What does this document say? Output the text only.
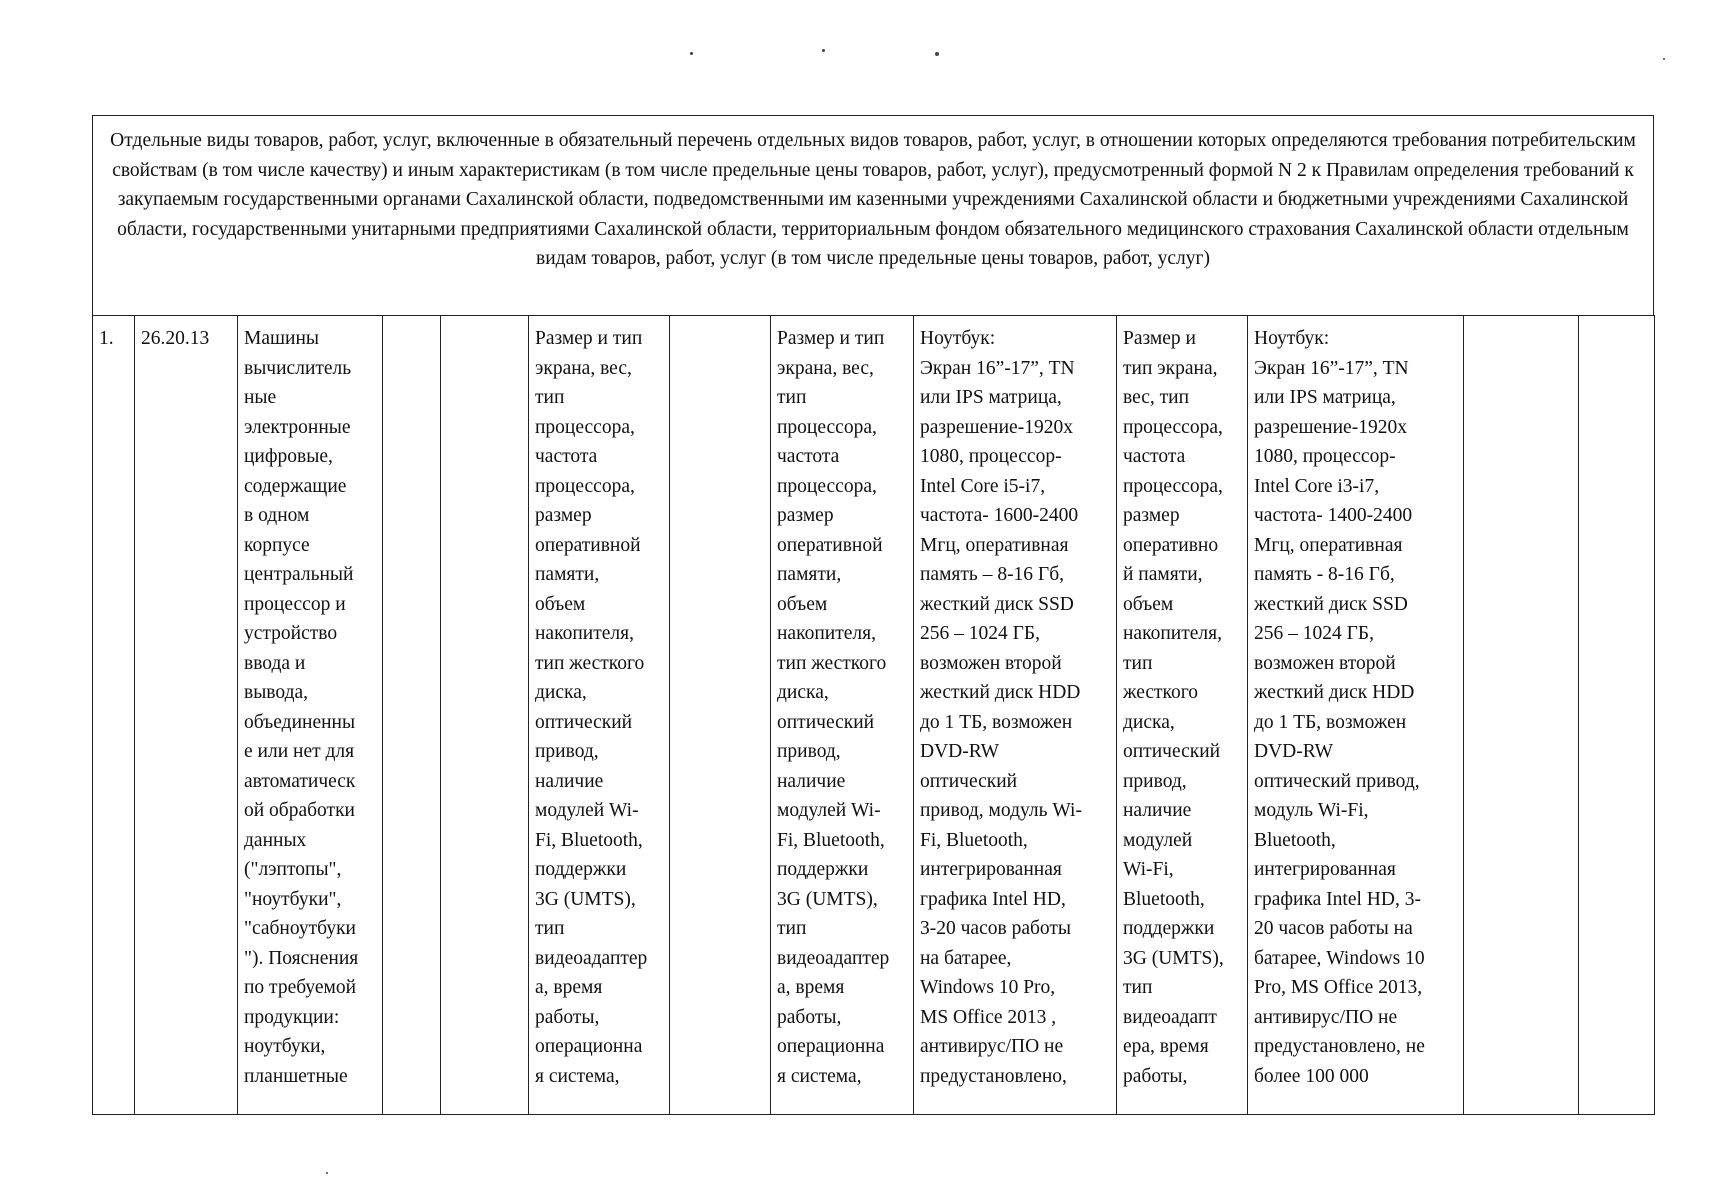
Отдельные виды товаров, работ, услуг, включенные в обязательный перечень отдельных видов товаров, работ, услуг, в отношении которых определяются требования потребительским свойствам (в том числе качеству) и иным характеристикам (в том числе предельные цены товаров, работ, услуг), предусмотренный формой N 2 к Правилам определения требований к закупаемым государственными органами Сахалинской области, подведомственными им казенными учреждениями Сахалинской области и бюджетными учреждениями Сахалинской области, государственными унитарными предприятиями Сахалинской области, территориальным фондом обязательного медицинского страхования Сахалинской области отдельным видам товаров, работ, услуг (в том числе предельные цены товаров, работ, услуг)
1.	26.20.13	Машины
вычислитель
ные
электронные
цифровые,
содержащие
в одном
корпусе
центральный
процессор и
устройство
ввода и
вывода,
объединенны
е или нет для
автоматическ
ой обработки
данных
("лэптопы",
"ноутбуки",
"сабноутбуки
"). Пояснения
по требуемой
продукции:
ноутбуки,
планшетные			Размер и тип
экрана, вес,
тип
процессора,
частота
процессора,
размер
оперативной
памяти,
объем
накопителя,
тип жесткого
диска,
оптический
привод,
наличие
модулей Wi-
Fi, Bluetooth,
поддержки
3G (UMTS),
тип
видеоадаптер
а, время
работы,
операционна
я система,		Размер и тип
экрана, вес,
тип
процессора,
частота
процессора,
размер
оперативной
памяти,
объем
накопителя,
тип жесткого
диска,
оптический
привод,
наличие
модулей Wi-
Fi, Bluetooth,
поддержки
3G (UMTS),
тип
видеоадаптер
а, время
работы,
операционна
я система,	Ноутбук:
Экран 16”-17”, TN
или IPS матрица,
разрешение-1920x
1080, процессор-
Intel Core i5-i7,
частота- 1600-2400
Мгц, оперативная
память – 8-16 Гб,
жесткий диск SSD
256 – 1024 ГБ,
возможен второй
жесткий диск HDD
до 1 ТБ, возможен
DVD-RW
оптический
привод, модуль Wi-
Fi, Bluetooth,
интегрированная
графика Intel HD,
3-20 часов работы
на батарее,
Windows 10 Pro,
MS Office 2013 ,
антивирус/ПО не
предустановлено,	Размер и
тип экрана,
вес, тип
процессора,
частота
процессора,
размер
оперативно
й памяти,
объем
накопителя,
тип
жесткого
диска,
оптический
привод,
наличие
модулей
Wi-Fi,
Bluetooth,
поддержки
3G (UMTS),
тип
видеоадапт
ера, время
работы,	Ноутбук:
Экран 16”-17”, TN
или IPS матрица,
разрешение-1920x
1080, процессор-
Intel Core i3-i7,
частота- 1400-2400
Мгц, оперативная
память - 8-16 Гб,
жесткий диск SSD
256 – 1024 ГБ,
возможен второй
жесткий диск HDD
до 1 ТБ, возможен
DVD-RW
оптический привод,
модуль Wi-Fi,
Bluetooth,
интегрированная
графика Intel HD, 3-
20 часов работы на
батарее, Windows 10
Pro, MS Office 2013,
антивирус/ПО не
предустановлено, не
более 100 000		
